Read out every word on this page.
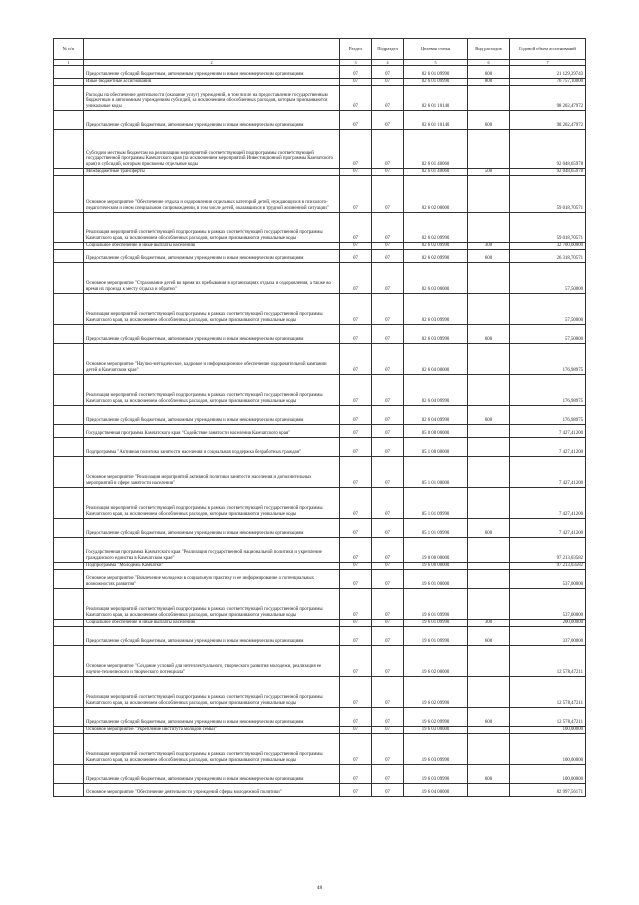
№ п/п		Раздел	Подраздел	Целевая статья	Вид расходов	Годовой объем ассигнований
1	2	3	4	5	6	7
	Предоставление субсидий бюджетным, автономным учреждениям и иным некоммерческим организациям	07	07	02 6 01 09990	600	21 129,29743
	Иные бюджетные ассигнования	07	07	02 6 01 09990	800	76 757,10000
	Расходы на обеспечение деятельности (оказание услуг) учреждений, в том числе на предоставление государственным бюджетным и автономным учреждениям субсидий, за исключением обособленных расходов, которым присваиваются уникальные коды	07	07	02 6 01 10140		98 202,47972
	Предоставление субсидий бюджетным, автономным учреждениям и иным некоммерческим организациям	07	07	02 6 01 10140	600	98 202,47972
	Субсидии местным бюджетам на реализацию мероприятий соответствующей подпрограммы соответствующей государственной программы Камчатского края (за исключением мероприятий Инвестиционной программы Камчатского края) и субсидий, которым присвоены отдельные коды	07	07	02 6 01 40060		92 048,65978
	Межбюджетные трансферты	07	07	02 6 01 40060	500	92 048,65978
	Основное мероприятие "Обеспечение отдыха и оздоровления отдельных категорий детей, нуждающихся в психолого-педагогическом и ином специальном сопровождении, в том числе детей, оказавшихся в трудной жизненной ситуации"	07	07	02 6 02 00000		59 018,70571
	Реализация мероприятий соответствующей подпрограммы в рамках соответствующей государственной программы Камчатского края, за исключением обособленных расходов, которым присваиваются уникальные коды	07	07	02 6 02 09990		59 018,70571
	Социальное обеспечение и иные выплаты населению	07	07	02 6 02 09990	300	32 700,00000
	Предоставление субсидий бюджетным, автономным учреждениям и иным некоммерческим организациям	07	07	02 6 02 09990	600	26 318,70571
	Основное мероприятие "Страхование детей во время их пребывания в организациях отдыха и оздоровления, а также во время их проезда к месту отдыха и обратно"	07	07	02 6 03 00000		57,50000
	Реализация мероприятий соответствующей подпрограммы в рамках соответствующей государственной программы Камчатского края, за исключением обособленных расходов, которым присваиваются уникальные коды	07	07	02 6 03 09990		57,50000
	Предоставление субсидий бюджетным, автономным учреждениям и иным некоммерческим организациям	07	07	02 6 03 09990	600	57,50000
	Основное мероприятие "Научно-методическое, кадровое и информационное обеспечение оздоровительной кампании детей в Камчатском крае"	07	07	02 6 04 00000		176,98975
	Реализация мероприятий соответствующей подпрограммы в рамках соответствующей государственной программы Камчатского края, за исключением обособленных расходов, которым присваиваются уникальные коды	07	07	02 6 04 09990		176,98975
	Предоставление субсидий бюджетным, автономным учреждениям и иным некоммерческим организациям	07	07	02 6 04 09990	600	176,98975
	Государственная программа Камчатского края "Содействие занятости населения Камчатского края"	07	07	05 0 00 00000		7 427,41200
	Подпрограмма "Активная политика занятости населения и социальная поддержка безработных граждан"	07	07	05 1 00 00000		7 427,41200
	Основное мероприятие "Реализация мероприятий активной политики занятости населения и дополнительных мероприятий в сфере занятости населения"	07	07	05 1 01 00000		7 427,41200
	Реализация мероприятий соответствующей подпрограммы в рамках соответствующей государственной программы Камчатского края, за исключением обособленных расходов, которым присваиваются уникальные коды	07	07	05 1 01 09990		7 427,41200
	Предоставление субсидий бюджетным, автономным учреждениям и иным некоммерческим организациям	07	07	05 1 01 09990	600	7 427,41200
	Государственная программа Камчатского края "Реализация государственной национальной политики и укрепление гражданского единства в Камчатском крае"	07	07	19 0 00 00000		97 213,03582
	Подпрограмма "Молодежь Камчатки"	07	07	19 6 00 00000		97 213,03582
	Основное мероприятие "Вовлечение молодежи в социальную практику и ее информирование о потенциальных возможностях развития"	07	07	19 6 01 00000		537,00000
	Реализация мероприятий соответствующей подпрограммы в рамках соответствующей государственной программы Камчатского края, за исключением обособленных расходов, которым присваиваются уникальные коды	07	07	19 6 01 09990		537,00000
	Социальное обеспечение и иные выплаты населению	07	07	19 6 01 09990	300	200,00000
	Предоставление субсидий бюджетным, автономным учреждениям и иным некоммерческим организациям	07	07	19 6 01 09990	600	337,00000
	Основное мероприятие "Создание условий для интеллектуального, творческого развития молодежи, реализация ее научно-технического и творческого потенциала"	07	07	19 6 02 00000		12 578,47211
	Реализация мероприятий соответствующей подпрограммы в рамках соответствующей государственной программы Камчатского края, за исключением обособленных расходов, которым присваиваются уникальные коды	07	07	19 6 02 09990		12 578,47211
	Предоставление субсидий бюджетным, автономным учреждениям и иным некоммерческим организациям	07	07	19 6 02 09990	600	12 578,47211
	Основное мероприятие "Укрепление института молодой семьи"	07	07	19 6 03 00000		100,00000
	Реализация мероприятий соответствующей подпрограммы в рамках соответствующей государственной программы Камчатского края, за исключением обособленных расходов, которым присваиваются уникальные коды	07	07	19 6 03 09990		100,00000
	Предоставление субсидий бюджетным, автономным учреждениям и иным некоммерческим организациям	07	07	19 6 03 09990	600	100,00000
	Основное мероприятие "Обеспечение деятельности учреждений сферы молодежной политики"	07	07	19 6 04 00000		82 997,56171
48
